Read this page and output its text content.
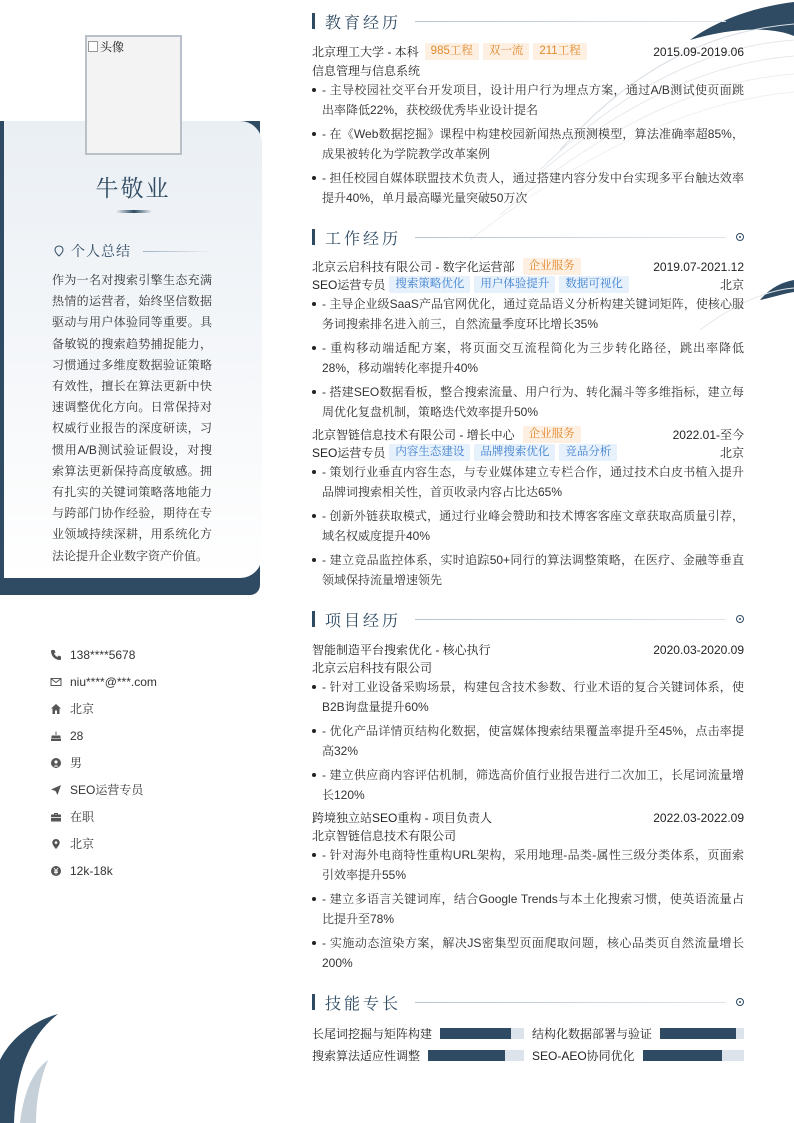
头像
牛敬业
个人总结
作为一名对搜索引擎生态充满热情的运营者，始终坚信数据驱动与用户体验同等重要。具备敏锐的搜索趋势捕捉能力，习惯通过多维度数据验证策略有效性，擅长在算法更新中快速调整优化方向。日常保持对权威行业报告的深度研读，习惯用A/B测试验证假设，对搜索算法更新保持高度敏感。拥有扎实的关键词策略落地能力与跨部门协作经验，期待在专业领域持续深耕，用系统化方法论提升企业数字资产价值。
138****5678
niu****@***.com
北京
28
男
SEO运营专员
在职
北京
12k-18k
教育经历
北京理工大学 - 本科	985工程	双一流	211工程	2015.09-2019.06
信息管理与信息系统
- 主导校园社交平台开发项目，设计用户行为埋点方案，通过A/B测试使页面跳出率降低22%，获校级优秀毕业设计提名
- 在《Web数据挖掘》课程中构建校园新闻热点预测模型，算法准确率超85%，成果被转化为学院教学改革案例
- 担任校园自媒体联盟技术负责人，通过搭建内容分发中台实现多平台触达效率提升40%，单月最高曝光量突破50万次
工作经历
北京云启科技有限公司 - 数字化运营部	企业服务	2019.07-2021.12
SEO运营专员 搜索策略优化	用户体验提升	数据可视化	北京
- 主导企业级SaaS产品官网优化，通过竞品语义分析构建关键词矩阵，使核心服务词搜索排名进入前三，自然流量季度环比增长35%
- 重构移动端适配方案，将页面交互流程简化为三步转化路径，跳出率降低28%，移动端转化率提升40%
- 搭建SEO数据看板，整合搜索流量、用户行为、转化漏斗等多维指标，建立每周优化复盘机制，策略迭代效率提升50%
北京智链信息技术有限公司 - 增长中心	企业服务	2022.01-至今
SEO运营专员 内容生态建设	品牌搜索优化	竞品分析	北京
- 策划行业垂直内容生态，与专业媒体建立专栏合作，通过技术白皮书植入提升品牌词搜索相关性，首页收录内容占比达65%
- 创新外链获取模式，通过行业峰会赞助和技术博客客座文章获取高质量引荐，域名权威度提升40%
- 建立竞品监控体系，实时追踪50+同行的算法调整策略，在医疗、金融等垂直领域保持流量增速领先
项目经历
智能制造平台搜索优化 - 核心执行	2020.03-2020.09
北京云启科技有限公司
- 针对工业设备采购场景，构建包含技术参数、行业术语的复合关键词体系，使B2B询盘量提升60%
- 优化产品详情页结构化数据，使富媒体搜索结果覆盖率提升至45%，点击率提高32%
- 建立供应商内容评估机制，筛选高价值行业报告进行二次加工，长尾词流量增长120%
跨境独立站SEO重构 - 项目负责人	2022.03-2022.09
北京智链信息技术有限公司
- 针对海外电商特性重构URL架构，采用地理-品类-属性三级分类体系，页面索引效率提升55%
- 建立多语言关键词库，结合Google Trends与本土化搜索习惯，使英语流量占比提升至78%
- 实施动态渲染方案，解决JS密集型页面爬取问题，核心品类页自然流量增长200%
技能专长
长尾词挖掘与矩阵构建	结构化数据部署与验证
搜索算法适应性调整	SEO-AEO协同优化
